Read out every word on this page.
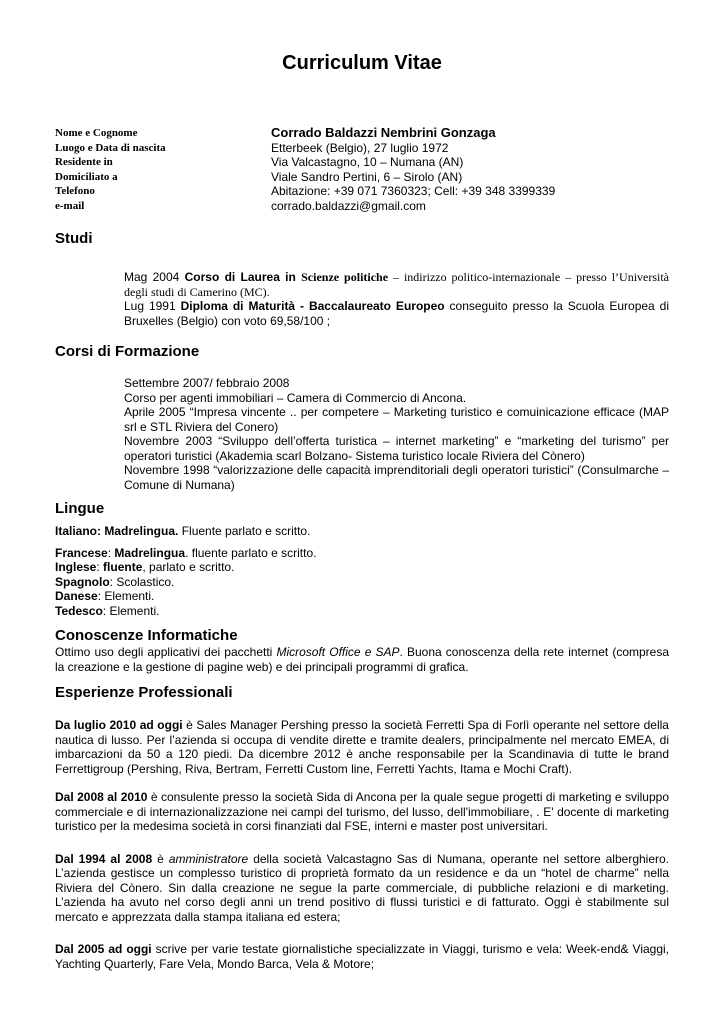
Curriculum Vitae
Nome e Cognome	Corrado Baldazzi Nembrini Gonzaga
Luogo e Data di nascita	Etterbeek (Belgio), 27 luglio 1972
Residente in	Via Valcastagno, 10 – Numana (AN)
Domiciliato a	Viale Sandro Pertini, 6 – Sirolo (AN)
Telefono	Abitazione: +39 071 7360323; Cell: +39 348 3399339
e-mail	corrado.baldazzi@gmail.com
Studi

Mag 2004 Corso di Laurea in Scienze politiche – indirizzo politico-internazionale – presso l’Università degli studi di Camerino (MC).

Lug 1991 Diploma di Maturità - Baccalaureato Europeo conseguito presso la Scuola Europea di Bruxelles (Belgio) con voto 69,58/100 ;

Corsi di Formazione

Settembre 2007/ febbraio 2008

Corso per agenti immobiliari – Camera di Commercio di Ancona.

Aprile 2005 “Impresa vincente .. per competere – Marketing turistico e comuinicazione efficace (MAP srl e STL Riviera del Conero)

Novembre 2003 “Sviluppo dell’offerta turistica – internet marketing” e “marketing del turismo” per operatori turistici (Akademia scarl Bolzano- Sistema turistico locale Riviera del Cònero)

Novembre 1998 “valorizzazione delle capacità imprenditoriali degli operatori turistici” (Consulmarche – Comune di Numana)

Lingue

Italiano: Madrelingua. Fluente parlato e scritto.

Francese: Madrelingua. fluente parlato e scritto.

Inglese: fluente, parlato e scritto.

Spagnolo: Scolastico.

Danese: Elementi.

Tedesco: Elementi.

Conoscenze Informatiche

Ottimo uso degli applicativi dei pacchetti Microsoft Office e SAP. Buona conoscenza della rete internet (compresa la creazione e la gestione di pagine web) e dei principali programmi di grafica.

Esperienze Professionali

Da luglio 2010 ad oggi è Sales Manager Pershing presso la società Ferretti Spa di Forlì operante nel settore della nautica di lusso. Per l’azienda si occupa di vendite dirette e tramite dealers, principalmente nel mercato EMEA, di imbarcazioni da 50 a 120 piedi. Da dicembre 2012 è anche responsabile per la Scandinavia di tutte le brand Ferrettigroup (Pershing, Riva, Bertram, Ferretti Custom line, Ferretti Yachts, Itama e Mochi Craft).

Dal 2008 al 2010 è consulente presso la società Sida di Ancona per la quale segue progetti di marketing e sviluppo commerciale e di internazionalizzazione nei campi del turismo, del lusso, dell'immobiliare, . E' docente di marketing turistico per la medesima società in corsi finanziati dal FSE, interni e master post universitari.

Dal 1994 al 2008 è amministratore della società Valcastagno Sas di Numana, operante nel settore alberghiero. L’azienda gestisce un complesso turistico di proprietà formato da un residence e da un “hotel de charme” nella Riviera del Cònero. Sin dalla creazione ne segue la parte commerciale, di pubbliche relazioni e di marketing. L’azienda ha avuto nel corso degli anni un trend positivo di flussi turistici e di fatturato. Oggi è stabilmente sul mercato e apprezzata dalla stampa italiana ed estera;

Dal 2005 ad oggi scrive per varie testate giornalistiche specializzate in Viaggi, turismo e vela: Week-end& Viaggi, Yachting Quarterly, Fare Vela, Mondo Barca, Vela & Motore;
